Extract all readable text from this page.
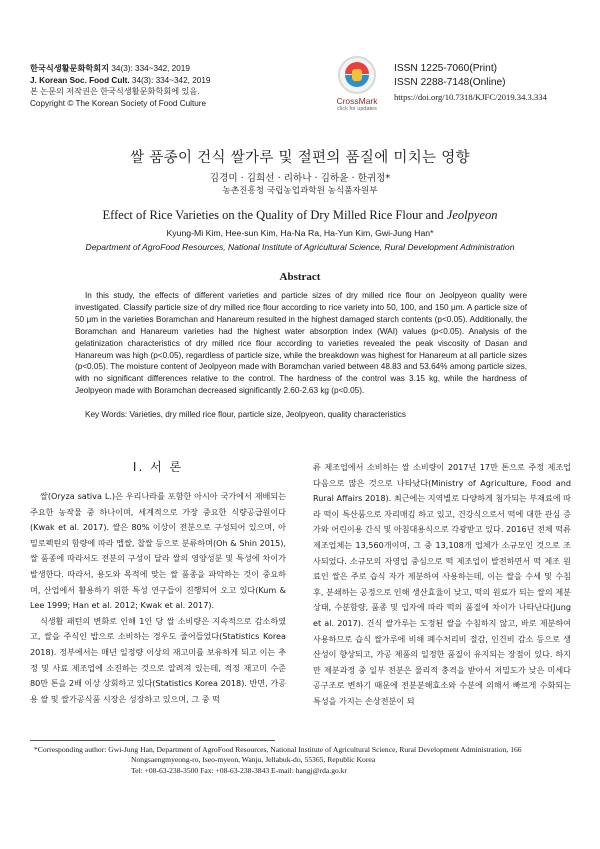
한국식생활문화학회지 34(3): 334~342, 2019
J. Korean Soc. Food Cult. 34(3): 334~342, 2019
본 논문의 저작권은 한국식생활문화학회에 있음.
Copyright © The Korean Society of Food Culture	CrossMark
click for updates
ISSN 1225-7060(Print)
ISSN 2288-7148(Online)
https://doi.org/10.7318/KJFC/2019.34.3.334
쌀 품종이 건식 쌀가루 및 절편의 품질에 미치는 영향
김경미 · 김희선 · 리하나 · 김하윤 · 한귀정*
농촌진흥청 국립농업과학원 농식품자원부
Effect of Rice Varieties on the Quality of Dry Milled Rice Flour and Jeolpyeon
Kyung-Mi Kim, Hee-sun Kim, Ha-Na Ra, Ha-Yun Kim, Gwi-Jung Han*
Department of AgroFood Resources, National Institute of Agricultural Science, Rural Development Administration
Abstract
In this study, the effects of different varieties and particle sizes of dry milled rice flour on Jeolpyeon quality were investigated. Classify particle size of dry milled rice flour according to rice variety into 50, 100, and 150 μm. A particle size of 50 μm in the varieties Boramchan and Hanareum resulted in the highest damaged starch contents (p<0.05). Additionally, the Boramchan and Hanareum varieties had the highest water absorption index (WAI) values (p<0.05). Analysis of the gelatinization characteristics of dry milled rice flour according to varieties revealed the peak viscosity of Dasan and Hanareum was high (p<0.05), regardless of particle size, while the breakdown was highest for Hanareum at all particle sizes (p<0.05). The moisture content of Jeolpyeon made with Boramchan varied between 48.83 and 53.64% among particle sizes, with no significant differences relative to the control. The hardness of the control was 3.15 kg, while the hardness of Jeolpyeon made with Boramchan decreased significantly 2.60-2.63 kg (p<0.05).
Key Words: Varieties, dry milled rice flour, particle size, Jeolpyeon, quality characteristics
Ⅰ. 서 론

쌀(Oryza sativa L.)은 우리나라를 포함한 아시아 국가에서 재배되는 주요한 농작물 중 하나이며, 세계적으로 가장 중요한 식량공급원이다(Kwak et al. 2017). 쌀은 80% 이상이 전분으로 구성되어 있으며, 아밀로펙틴의 함량에 따라 멥쌀, 찹쌀 등으로 분류하며(Oh & Shin 2015), 쌀 품종에 따라서도 전분의 구성이 달라 쌀의 영양성분 및 특성에 차이가 발생한다. 따라서, 용도와 목적에 맞는 쌀 품종을 파악하는 것이 중요하며, 산업에서 활용하기 위한 특성 연구들이 진행되어 오고 있다(Kum & Lee 1999; Han et al. 2012; Kwak et al. 2017).

식생활 패턴의 변화로 인해 1인 당 쌀 소비량은 지속적으로 감소하였고, 쌀을 주식인 밥으로 소비하는 경우도 줄어들었다(Statistics Korea 2018). 정부에서는 매년 일정량 이상의 재고미를 보유하게 되고 이는 추정 및 사료 제조업에 소진하는 것으로 알려져 있는데, 적정 재고미 수준 80만 톤을 2배 이상 상회하고 있다(Statistics Korea 2018). 반면, 가공용 쌀 및 쌀가공식품 시장은 성장하고 있으며, 그 중 떡

류 제조업에서 소비하는 쌀 소비량이 2017년 17만 톤으로 주정 제조업 다음으로 많은 것으로 나타났다(Ministry of Agriculture, Food and Rural Affairs 2018). 최근에는 지역별로 다양하게 첨가되는 부재료에 따라 떡이 특산품으로 자리매김 하고 있고, 건강식으로서 떡에 대한 관심 증가와 어린이용 간식 및 아침대용식으로 각광받고 있다. 2016년 전체 떡류 제조업체는 13,560개이며, 그 중 13,108개 업체가 소규모인 것으로 조사되었다. 소규모의 자영업 중심으로 떡 제조업이 발전하면서 떡 제조 원료인 쌀은 주로 습식 자가 제분하여 사용하는데, 이는 쌀을 수세 및 수침 후, 분쇄하는 공정으로 인해 생산효율이 낮고, 떡의 원료가 되는 쌀의 제분 상태, 수분함량, 품종 및 입자에 따라 떡의 품질에 차이가 나타난다(Jung et al. 2017). 건식 쌀가루는 도정된 쌀을 수침하지 않고, 바로 제분하여 사용하므로 습식 쌀가루에 비해 폐수처리비 절감, 인건비 감소 등으로 생산성이 향상되고, 가공 제품의 일정한 품질이 유지되는 장점이 있다. 하지만 제분과정 중 일부 전분은 물리적 충격을 받아서 저밀도가 낮은 미세다공구조로 변하기 때문에 전분분해효소와 수분에 의해서 빠르게 수화되는 특성을 가지는 손상전분이 되

*Corresponding author: Gwi-Jung Han, Department of AgroFood Resources, National Institute of Agricultural Science, Rural Development Administration, 166
Nongsaengmyeong-ro, Iseo-myeon, Wanju, Jellabuk-do, 55365, Republic Korea
Tel: +08-63-238-3500 Fax: +08-63-238-3843 E-mail: hangj@rda.go.kr
